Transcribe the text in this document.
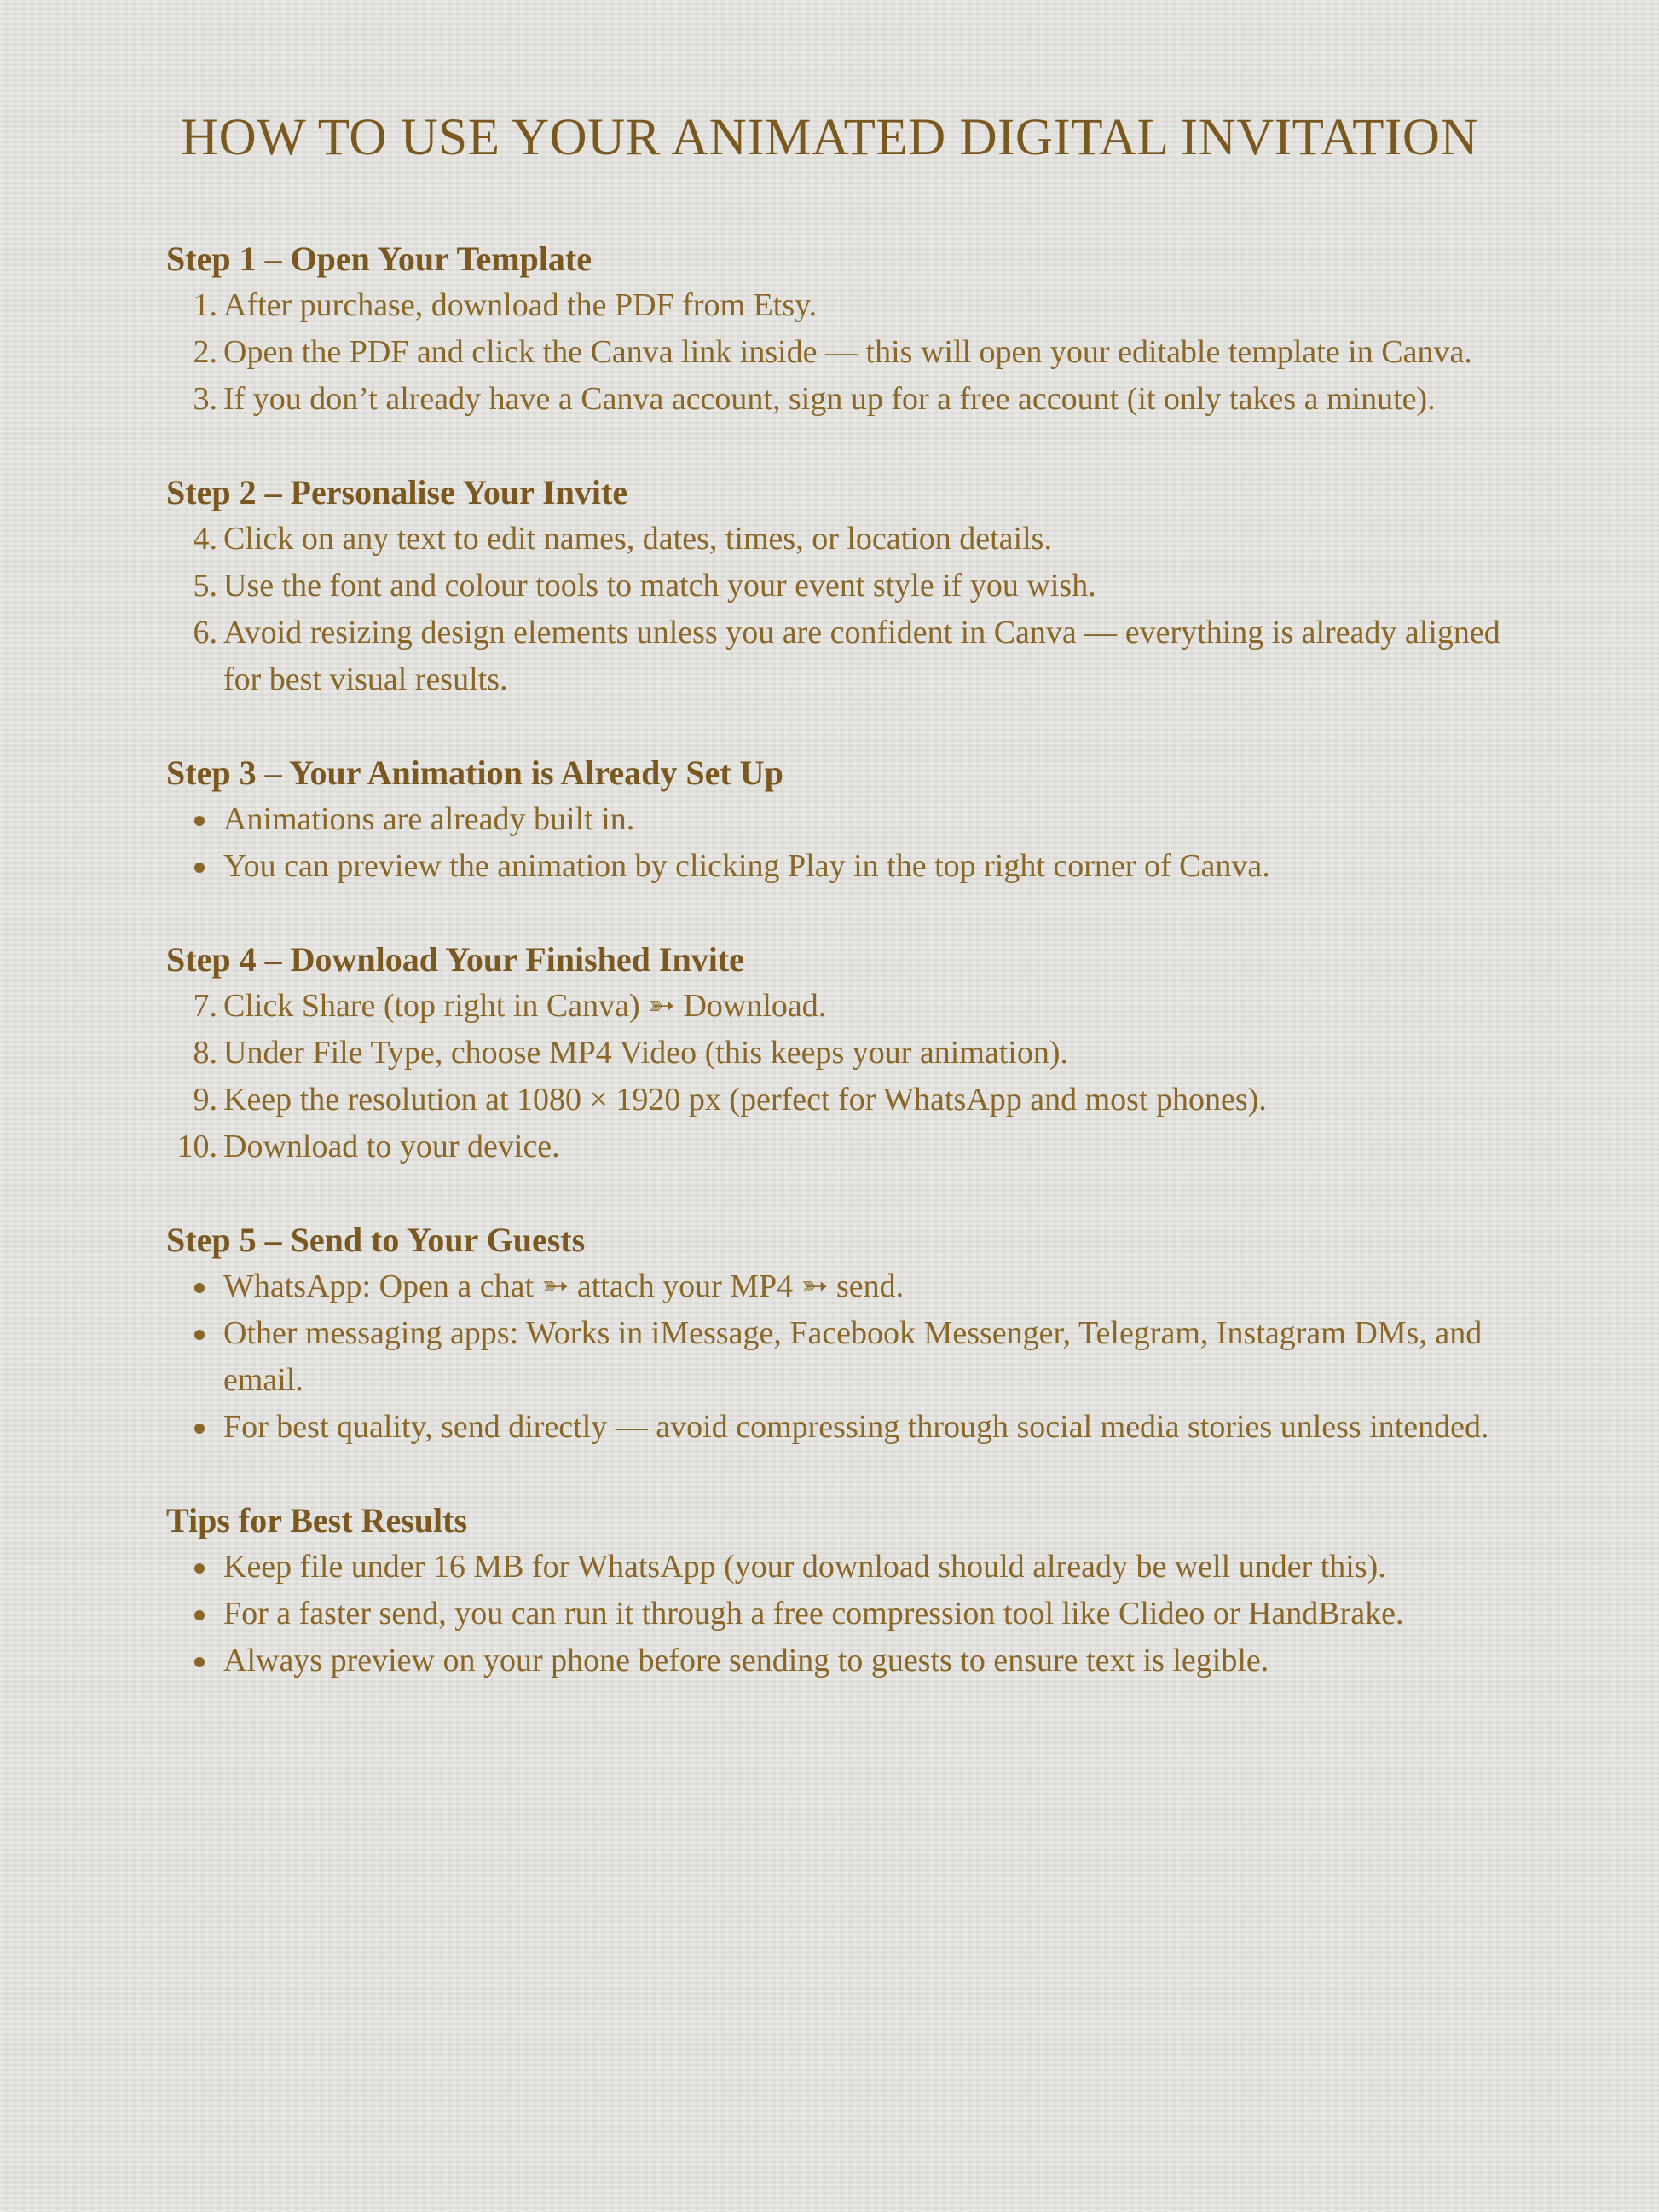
HOW TO USE YOUR ANIMATED DIGITAL INVITATION
Step 1 – Open Your Template
1. After purchase, download the PDF from Etsy.
2. Open the PDF and click the Canva link inside — this will open your editable template in Canva.
3. If you don’t already have a Canva account, sign up for a free account (it only takes a minute).
Step 2 – Personalise Your Invite
4. Click on any text to edit names, dates, times, or location details.
5. Use the font and colour tools to match your event style if you wish.
6. Avoid resizing design elements unless you are confident in Canva — everything is already aligned for best visual results.
Step 3 – Your Animation is Already Set Up
Animations are already built in.
You can preview the animation by clicking Play in the top right corner of Canva.
Step 4 – Download Your Finished Invite
7. Click Share (top right in Canva) ➳ Download.
8. Under File Type, choose MP4 Video (this keeps your animation).
9. Keep the resolution at 1080 × 1920 px (perfect for WhatsApp and most phones).
10. Download to your device.
Step 5 – Send to Your Guests
WhatsApp: Open a chat ➳ attach your MP4 ➳ send.
Other messaging apps: Works in iMessage, Facebook Messenger, Telegram, Instagram DMs, and email.
For best quality, send directly — avoid compressing through social media stories unless intended.
Tips for Best Results
Keep file under 16 MB for WhatsApp (your download should already be well under this).
For a faster send, you can run it through a free compression tool like Clideo or HandBrake.
Always preview on your phone before sending to guests to ensure text is legible.
